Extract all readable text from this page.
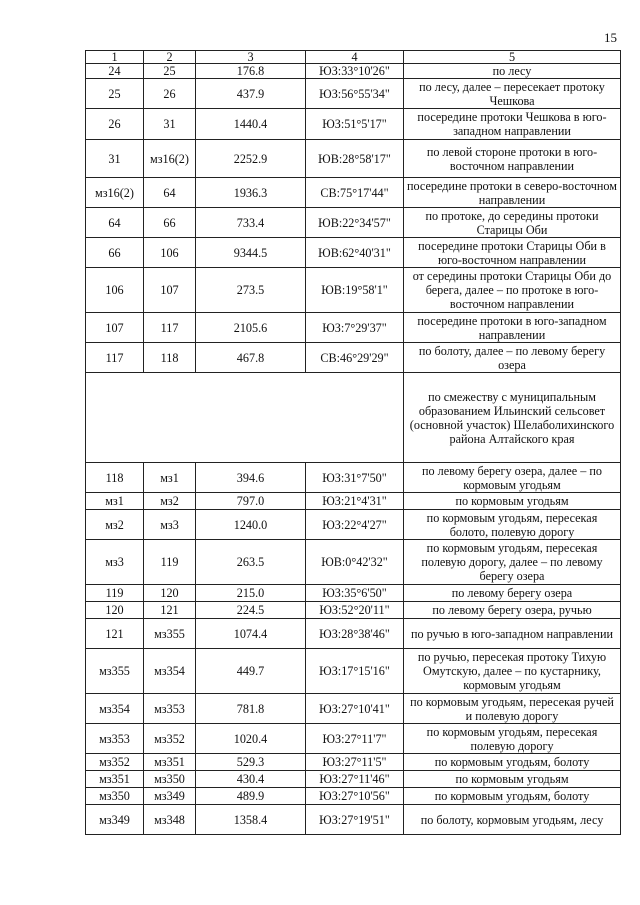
15
1	2	3	4	5
24	25	176.8	ЮЗ:33°10'26"	по лесу
25	26	437.9	ЮЗ:56°55'34"	по лесу, далее – пересекает протоку Чешкова
26	31	1440.4	ЮЗ:51°5'17"	посередине протоки Чешкова в юго-западном направлении
31	мз16(2)	2252.9	ЮВ:28°58'17"	по левой стороне протоки в юго-восточном направлении
мз16(2)	64	1936.3	СВ:75°17'44"	посередине протоки в северо-восточном направлении
64	66	733.4	ЮВ:22°34'57"	по протоке, до середины протоки Старицы Оби
66	106	9344.5	ЮВ:62°40'31"	посередине протоки Старицы Оби в юго-восточном направлении
106	107	273.5	ЮВ:19°58'1"	от середины протоки Старицы Оби до берега, далее – по протоке в юго-восточном направлении
107	117	2105.6	ЮЗ:7°29'37"	посередине протоки в юго-западном направлении
117	118	467.8	СВ:46°29'29"	по болоту, далее – по левому берегу озера
				по смежеству с муниципальным образованием Ильинский сельсовет (основной участок) Шелаболихинского района Алтайского края
118	мз1	394.6	ЮЗ:31°7'50"	по левому берегу озера, далее – по кормовым угодьям
мз1	мз2	797.0	ЮЗ:21°4'31"	по кормовым угодьям
мз2	мз3	1240.0	ЮЗ:22°4'27"	по кормовым угодьям, пересекая болото, полевую дорогу
мз3	119	263.5	ЮВ:0°42'32"	по кормовым угодьям, пересекая полевую дорогу, далее – по левому берегу озера
119	120	215.0	ЮЗ:35°6'50"	по левому берегу озера
120	121	224.5	ЮЗ:52°20'11"	по левому берегу озера, ручью
121	мз355	1074.4	ЮЗ:28°38'46"	по ручью в юго-западном направлении
мз355	мз354	449.7	ЮЗ:17°15'16"	по ручью, пересекая протоку Тихую Омутскую, далее – по кустарнику, кормовым угодьям
мз354	мз353	781.8	ЮЗ:27°10'41"	по кормовым угодьям, пересекая ручей и полевую дорогу
мз353	мз352	1020.4	ЮЗ:27°11'7"	по кормовым угодьям, пересекая полевую дорогу
мз352	мз351	529.3	ЮЗ:27°11'5"	по кормовым угодьям, болоту
мз351	мз350	430.4	ЮЗ:27°11'46"	по кормовым угодьям
мз350	мз349	489.9	ЮЗ:27°10'56"	по кормовым угодьям, болоту
мз349	мз348	1358.4	ЮЗ:27°19'51"	по болоту, кормовым угодьям, лесу
